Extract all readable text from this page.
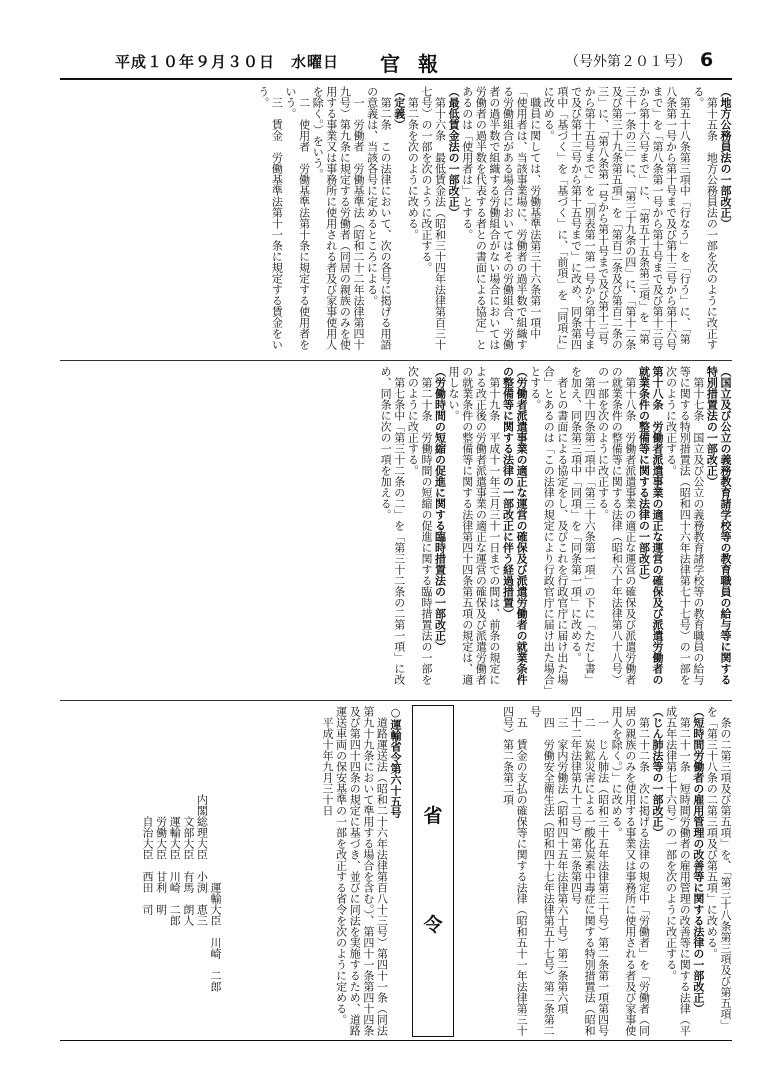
平成１０年９月３０日　水曜日 官報	（号外第２０１号） 6

（地方公務員法の一部改正）

第十五条　地方公務員法の一部を次のように改正する。

第五十八条第三項中「行なう」を「行う」に、「第八条第一号から第十号まで及び第十三号から第十六号まで」を「第八条第一号から第十号まで及び第十三号から第十六号まで」に、「第五十五条第三項」を「第三十一条の三」に、「第三十九条の四」に、「第十二条及び第三十九条第五項」を「第百二条及び第百二条の三」に、「第八条第一号から第十号まで及び第十三号から第十五号まで」を「別表第一第一号から第十号まで及び第十三号から第十五号まで」に改め、同条第四項中「基づく」を「基づく」に、「前項」を「同項に」に改める。

職員に関しては、労働基準法第三十六条第一項中「使用者は、当該事業場に、労働者の過半数で組織する労働組合がある場合においてはその労働組合、労働者の過半数で組織する労働組合がない場合においては労働者の過半数を代表する者との書面による協定」とあるのは「使用者は」とする。

（最低賃金法の一部改正）

第十六条　最低賃金法（昭和三十四年法律第百三十七号）の一部を次のように改正する。

第二条を次のように改める。

（定義）

第二条　この法律において、次の各号に掲げる用語の意義は、当該各号に定めるところによる。

一　労働者　労働基準法（昭和二十二年法律第四十九号）第九条に規定する労働者（同居の親族のみを使用する事業又は事務所に使用される者及び家事使用人を除く。）をいう。

二　使用者　労働基準法第十条に規定する使用者をいう。

三　賃金　労働基準法第十一条に規定する賃金をいう。

（国立及び公立の義務教育諸学校等の教育職員の給与等に関する特別措置法の一部改正）

第十七条　国立及び公立の義務教育諸学校等の教育職員の給与等に関する特別措置法（昭和四十六年法律第七十七号）の一部を次のように改正する。

第十八条　労働者派遣事業の適正な運営の確保及び派遣労働者の就業条件の整備等に関する法律の一部改正）

第十八条　労働者派遣事業の適正な運営の確保及び派遣労働者の就業条件の整備等に関する法律（昭和六十年法律第八十八号）の一部を次のように改正する。

第四十四条第二項中「第三十六条第一項」の下に「ただし書」を加え、同条第三項中「同項」を「同条第一項」に改める。

者との書面による協定をし、及びこれを行政官庁に届け出た場合」とあるのは「この法律の規定により行政官庁に届け出た場合」とする。

（労働者派遣事業の適正な運営の確保及び派遣労働者の就業条件の整備等に関する法律の一部改正に伴う経過措置）

第十九条　平成十一年三月三十一日までの間は、前条の規定による改正後の労働者派遣事業の適正な運営の確保及び派遣労働者の就業条件の整備等に関する法律第四十四条第五項の規定は、適用しない。

（労働時間の短縮の促進に関する臨時措置法の一部改正）

第二十条　労働時間の短縮の促進に関する臨時措置法の一部を次のように改正する。

第七条中「第三十二条の二」を「第三十二条の二第一項」に改め、同条に次の一項を加える。

条の二第三項及び第五項」を、「第三十八条第三項及び第五項」を「第三十八条の二第三項及び第五項」に改める。

（短時間労働者の雇用管理の改善等に関する法律の一部改正）

第二十一条　短時間労働者の雇用管理の改善等に関する法律（平成五年法律第七十六号）の一部を次のように改正する。

（じん肺法等の一部改正）

第二十二条　次に掲げる法律の規定中「労働者」を「労働者（同居の親族のみを使用する事業又は事務所に使用される者及び家事使用人を除く。）」に改める。

一　じん肺法（昭和三十五年法律第三十号）第二条第一項第四号

二　炭鉱災害による一酸化炭素中毒症に関する特別措置法（昭和四十二年法律第九十二号）第二条第四号

三　家内労働法（昭和四十五年法律第六十号）第二条第六項

四　労働安全衛生法（昭和四十七年法律第五十七号）第二条第二号

五　賃金の支払の確保等に関する法律（昭和五十一年法律第三十四号）第二条第二項

省
令

○運輸省令第六十五号

道路運送法（昭和二十六年法律第百八十三号）第四十一条（同法第九十九条において準用する場合を含む。）、第四十一条第四十四条及び第四十四条の規定に基づき、並びに同法を実施するため、道路運送車両の保安基準の一部を改正する省令を次のように定める。

平成十年九月三十日

運輸大臣　川崎　二郎

内閣総理大臣　小渕　恵三

文部大臣　有馬　朗人

運輸大臣　川崎　二郎

労働大臣　甘利　明

自治大臣　西田　司
